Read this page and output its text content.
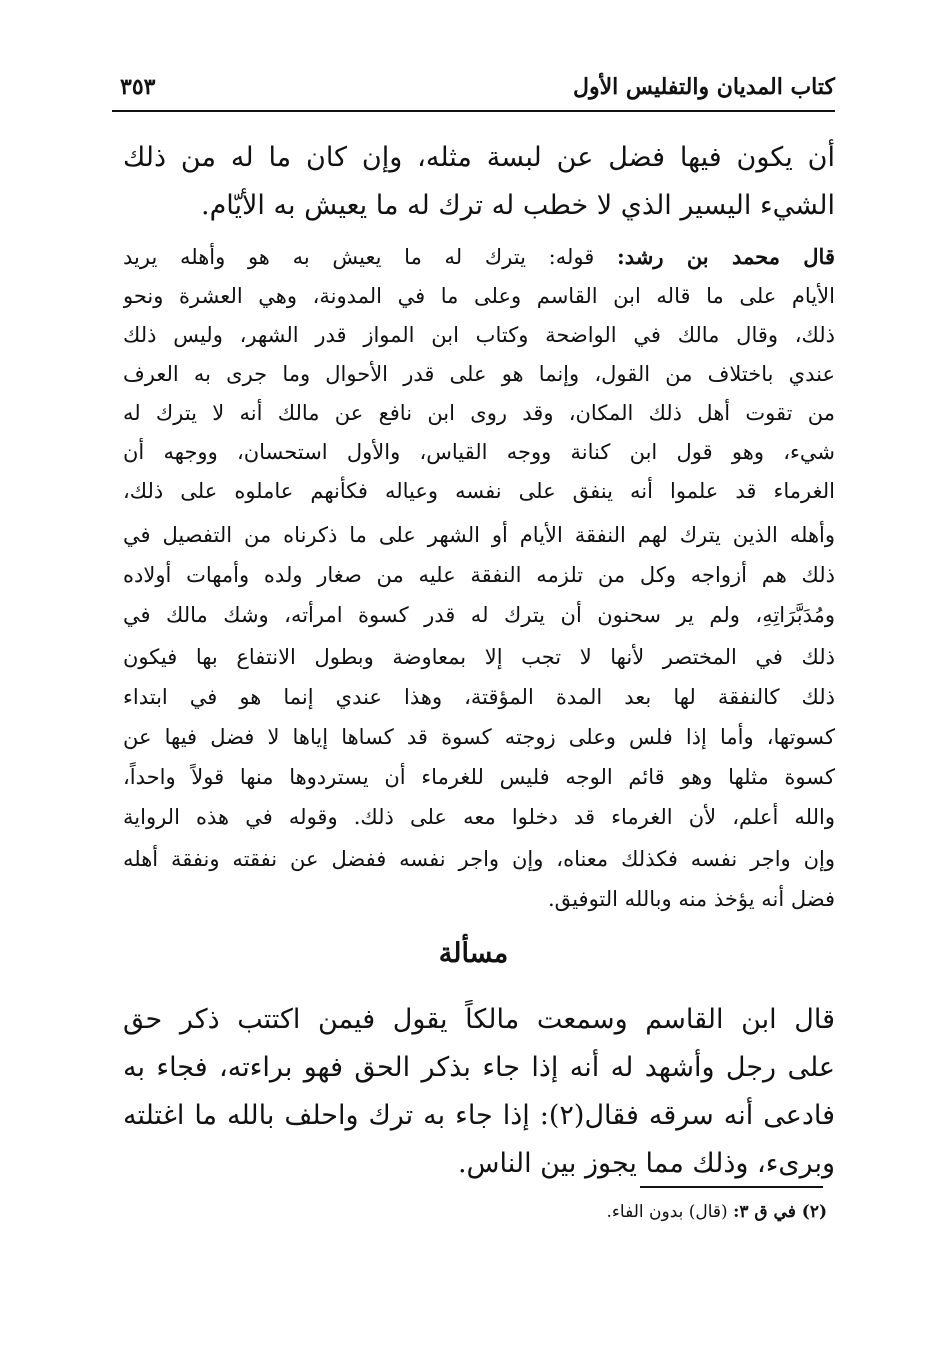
كتاب المديان والتفليس الأول
٣٥٣
أن يكون فيها فضل عن لبسة مثله، وإن كان ما له من ذلك
الشيء اليسير الذي لا خطب له ترك له ما يعيش به الأيّام.
قال محمد بن رشد: قوله: يترك له ما يعيش به هو وأهله يريد
الأيام على ما قاله ابن القاسم وعلى ما في المدونة، وهي العشرة ونحو
ذلك، وقال مالك في الواضحة وكتاب ابن المواز قدر الشهر، وليس ذلك
عندي باختلاف من القول، وإنما هو على قدر الأحوال وما جرى به العرف
من تقوت أهل ذلك المكان، وقد روى ابن نافع عن مالك أنه لا يترك له
شيء، وهو قول ابن كنانة ووجه القياس، والأول استحسان، ووجهه أن
الغرماء قد علموا أنه ينفق على نفسه وعياله فكأنهم عاملوه على ذلك،
وأهله الذين يترك لهم النفقة الأيام أو الشهر على ما ذكرناه من التفصيل في
ذلك هم أزواجه وكل من تلزمه النفقة عليه من صغار ولده وأمهات أولاده
ومُدَبَّرَاتِهِ، ولم ير سحنون أن يترك له قدر كسوة امرأته، وشك مالك في
ذلك في المختصر لأنها لا تجب إلا بمعاوضة وبطول الانتفاع بها فيكون
ذلك كالنفقة لها بعد المدة المؤقتة، وهذا عندي إنما هو في ابتداء
كسوتها، وأما إذا فلس وعلى زوجته كسوة قد كساها إياها لا فضل فيها عن
كسوة مثلها وهو قائم الوجه فليس للغرماء أن يستردوها منها قولاً واحداً،
والله أعلم، لأن الغرماء قد دخلوا معه على ذلك. وقوله في هذه الرواية
وإن واجر نفسه فكذلك معناه، وإن واجر نفسه ففضل عن نفقته ونفقة أهله
فضل أنه يؤخذ منه وبالله التوفيق.
مسألة
قال ابن القاسم وسمعت مالكاً يقول فيمن اكتتب ذكر حق
على رجل وأشهد له أنه إذا جاء بذكر الحق فهو براءته، فجاء به
فادعى أنه سرقه فقال(٢): إذا جاء به ترك واحلف بالله ما اغتلته
وبرىء، وذلك مما يجوز بين الناس.
(٢) في ق ٣: (قال) بدون الفاء.
